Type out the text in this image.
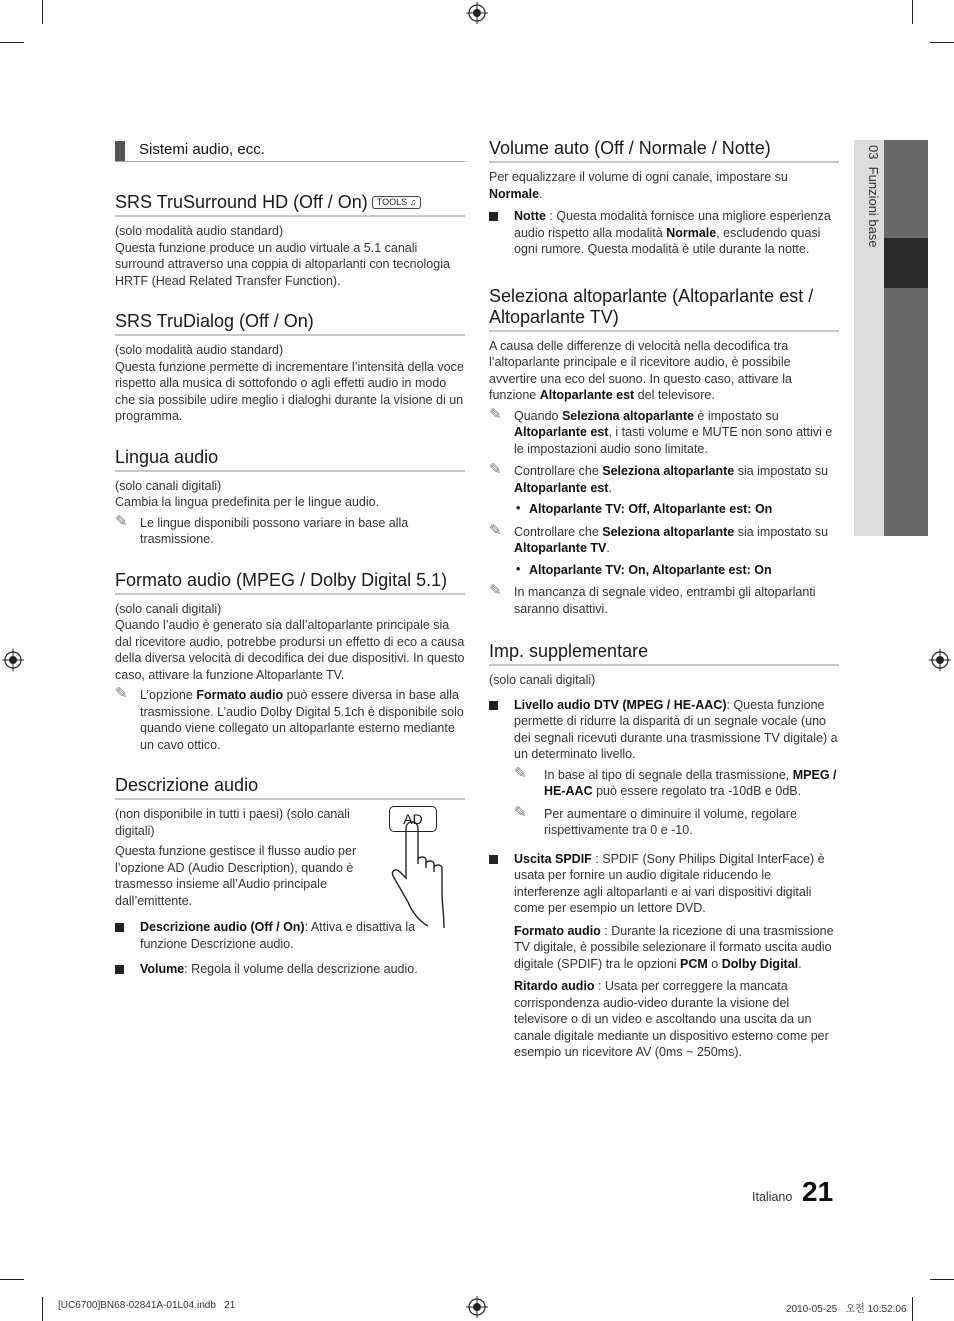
03  Funzioni base
Sistemi audio, ecc.
SRS TruSurround HD (Off / On) TOOLS ♫

(solo modalità audio standard)

Questa funzione produce un audio virtuale a 5.1 canali surround attraverso una coppia di altoparlanti con tecnologia HRTF (Head Related Transfer Function).

SRS TruDialog (Off / On)

(solo modalità audio standard)

Questa funzione permette di incrementare l’intensità della voce rispetto alla musica di sottofondo o agli effetti audio in modo che sia possibile udire meglio i dialoghi durante la visione di un programma.

Lingua audio

(solo canali digitali)

Cambia la lingua predefinita per le lingue audio.

✎ Le lingue disponibili possono variare in base alla trasmissione.
Formato audio (MPEG / Dolby Digital 5.1)

(solo canali digitali)

Quando l’audio è generato sia dall’altoparlante principale sia dal ricevitore audio, potrebbe prodursi un effetto di eco a causa della diversa velocità di decodifica dei due dispositivi. In questo caso, attivare la funzione Altoparlante TV.

✎ L’opzione Formato audio può essere diversa in base alla trasmissione. L’audio Dolby Digital 5.1ch è disponibile solo quando viene collegato un altoparlante esterno mediante un cavo ottico.
Descrizione audio

(non disponibile in tutti i paesi) (solo canali digitali)

Questa funzione gestisce il flusso audio per l’opzione AD (Audio Description), quando è trasmesso insieme all’Audio principale dall’emittente.

AD
Descrizione audio (Off / On): Attiva e disattiva la funzione Descrizione audio.
Volume: Regola il volume della descrizione audio.
Volume auto (Off / Normale / Notte)

Per equalizzare il volume di ogni canale, impostare su Normale.

Notte : Questa modalità fornisce una migliore esperienza audio rispetto alla modalità Normale, escludendo quasi ogni rumore. Questa modalità è utile durante la notte.
Seleziona altoparlante (Altoparlante est / Altoparlante TV)

A causa delle differenze di velocità nella decodifica tra l’altoparlante principale e il ricevitore audio, è possibile avvertire una eco del suono. In questo caso, attivare la funzione Altoparlante est del televisore.

✎ Quando Seleziona altoparlante è impostato su Altoparlante est, i tasti volume e MUTE non sono attivi e le impostazioni audio sono limitate.
✎ Controllare che Seleziona altoparlante sia impostato su Altoparlante est.
• Altoparlante TV: Off, Altoparlante est: On
✎ Controllare che Seleziona altoparlante sia impostato su Altoparlante TV.
• Altoparlante TV: On, Altoparlante est: On
✎ In mancanza di segnale video, entrambi gli altoparlanti saranno disattivi.
Imp. supplementare

(solo canali digitali)

Livello audio DTV (MPEG / HE-AAC): Questa funzione permette di ridurre la disparità di un segnale vocale (uno dei segnali ricevuti durante una trasmissione TV digitale) a un determinato livello.
✎ In base al tipo di segnale della trasmissione, MPEG / HE-AAC può essere regolato tra -10dB e 0dB.
✎ Per aumentare o diminuire il volume, regolare rispettivamente tra 0 e -10.
Uscita SPDIF : SPDIF (Sony Philips Digital InterFace) è usata per fornire un audio digitale riducendo le interferenze agli altoparlanti e ai vari dispositivi digitali come per esempio un lettore DVD.
Formato audio : Durante la ricezione di una trasmissione TV digitale, è possibile selezionare il formato uscita audio digitale (SPDIF) tra le opzioni PCM o Dolby Digital.
Ritardo audio : Usata per correggere la mancata corrispondenza audio-video durante la visione del televisore o di un video e ascoltando una uscita da un canale digitale mediante un dispositivo esterno come per esempio un ricevitore AV (0ms ~ 250ms).
Italiano 21
[UC6700]BN68-02841A-01L04.indb   21	2010-05-25   오전 10:52:06
